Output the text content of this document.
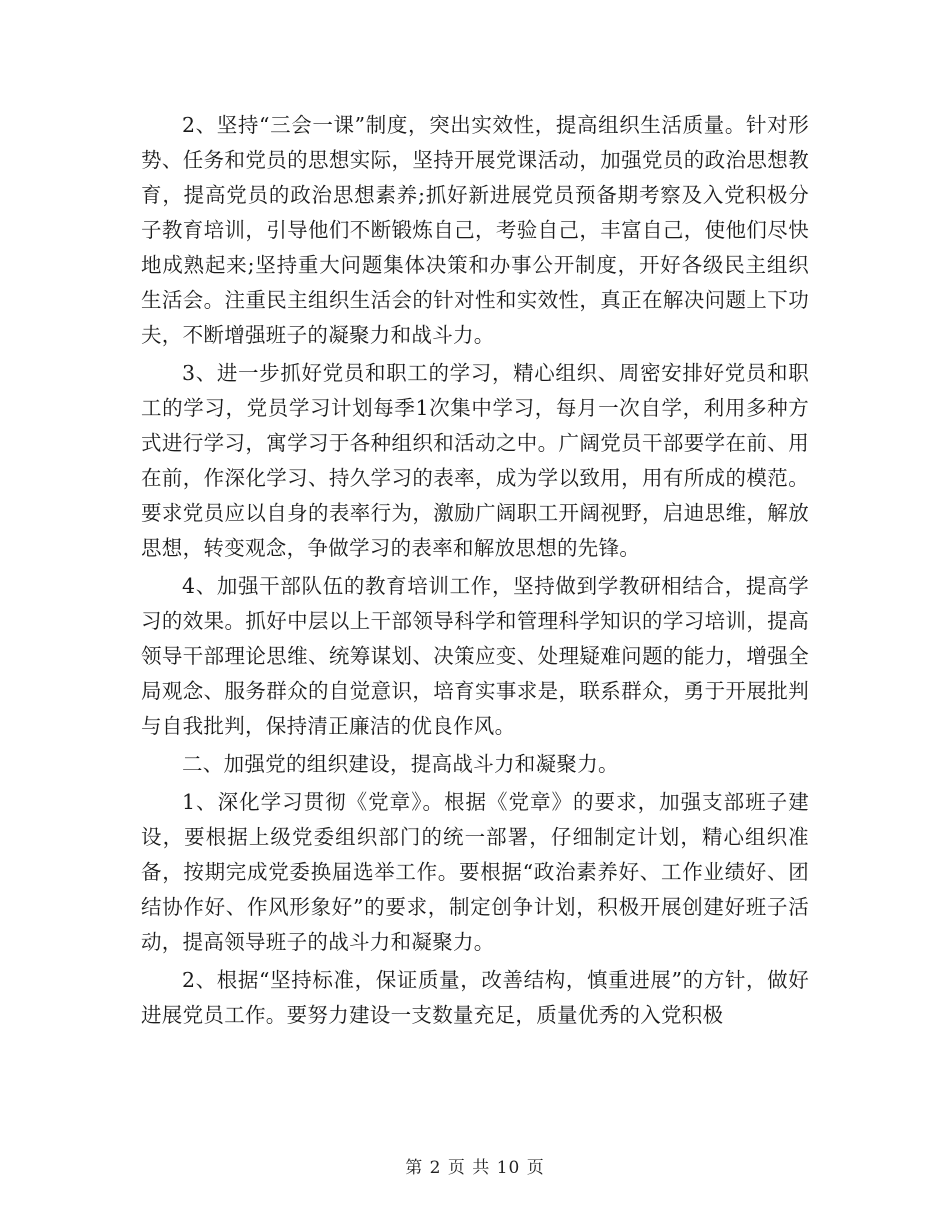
2、坚持“三会一课”制度，突出实效性，提高组织生活质量。针对形势、任务和党员的思想实际，坚持开展党课活动，加强党员的政治思想教育，提高党员的政治思想素养;抓好新进展党员预备期考察及入党积极分子教育培训，引导他们不断锻炼自己，考验自己，丰富自己，使他们尽快地成熟起来;坚持重大问题集体决策和办事公开制度，开好各级民主组织生活会。注重民主组织生活会的针对性和实效性，真正在解决问题上下功夫，不断增强班子的凝聚力和战斗力。

3、进一步抓好党员和职工的学习，精心组织、周密安排好党员和职工的学习，党员学习计划每季1次集中学习，每月一次自学，利用多种方式进行学习，寓学习于各种组织和活动之中。广阔党员干部要学在前、用在前，作深化学习、持久学习的表率，成为学以致用，用有所成的模范。要求党员应以自身的表率行为，激励广阔职工开阔视野，启迪思维，解放思想，转变观念，争做学习的表率和解放思想的先锋。

4、加强干部队伍的教育培训工作，坚持做到学教研相结合，提高学习的效果。抓好中层以上干部领导科学和管理科学知识的学习培训，提高领导干部理论思维、统筹谋划、决策应变、处理疑难问题的能力，增强全局观念、服务群众的自觉意识，培育实事求是，联系群众，勇于开展批判与自我批判，保持清正廉洁的优良作风。

二、加强党的组织建设，提高战斗力和凝聚力。

1、深化学习贯彻《党章》。根据《党章》的要求，加强支部班子建设，要根据上级党委组织部门的统一部署，仔细制定计划，精心组织准备，按期完成党委换届选举工作。要根据“政治素养好、工作业绩好、团结协作好、作风形象好”的要求，制定创争计划，积极开展创建好班子活动，提高领导班子的战斗力和凝聚力。

2、根据“坚持标准，保证质量，改善结构，慎重进展”的方针，做好进展党员工作。要努力建设一支数量充足，质量优秀的入党积极

第 2 页 共 10 页
